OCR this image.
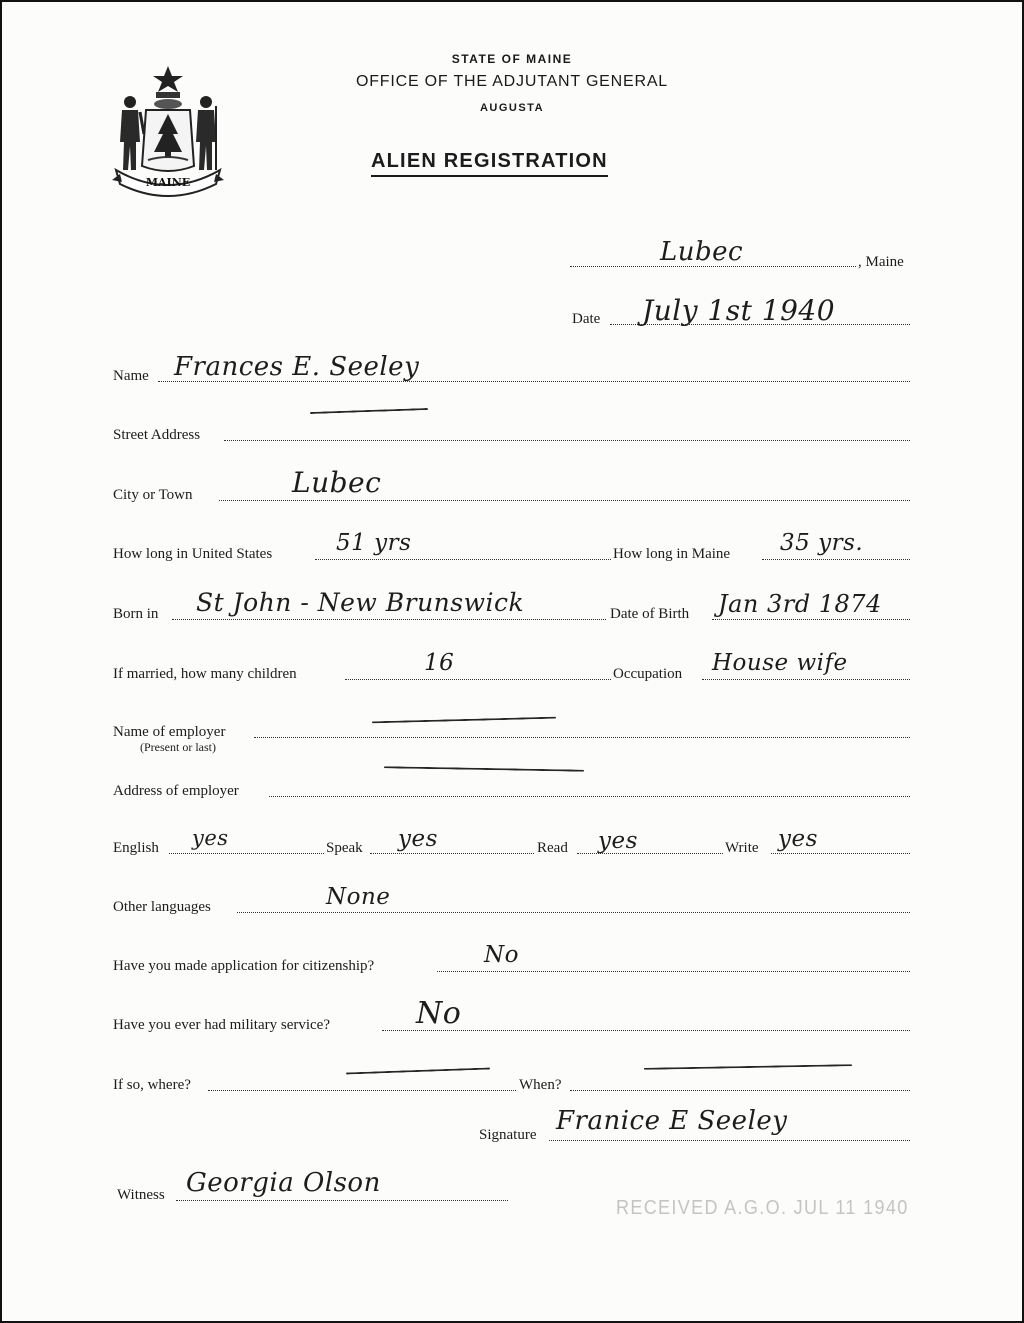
MAINE
STATE OF MAINE
OFFICE OF THE ADJUTANT GENERAL
AUGUSTA
ALIEN REGISTRATION
Lubec	, Maine
Date July 1st 1940
Name Frances E. Seeley
Street Address
City or Town	Lubec
How long in United States	51 yrs	How long in Maine 35 yrs.
Born in St John - New Brunswick	Date of Birth Jan 3rd 1874
If married, how many children	16	Occupation House wife
Name of employer
(Present or last)
Address of employer
English yes	Speak yes	Read yes	Write yes
Other languages	None
Have you made application for citizenship?	No
Have you ever had military service?	No
If so, where?	When?
Signature Franice E Seeley
Witness Georgia Olson
RECEIVED A.G.O. JUL 11 1940
